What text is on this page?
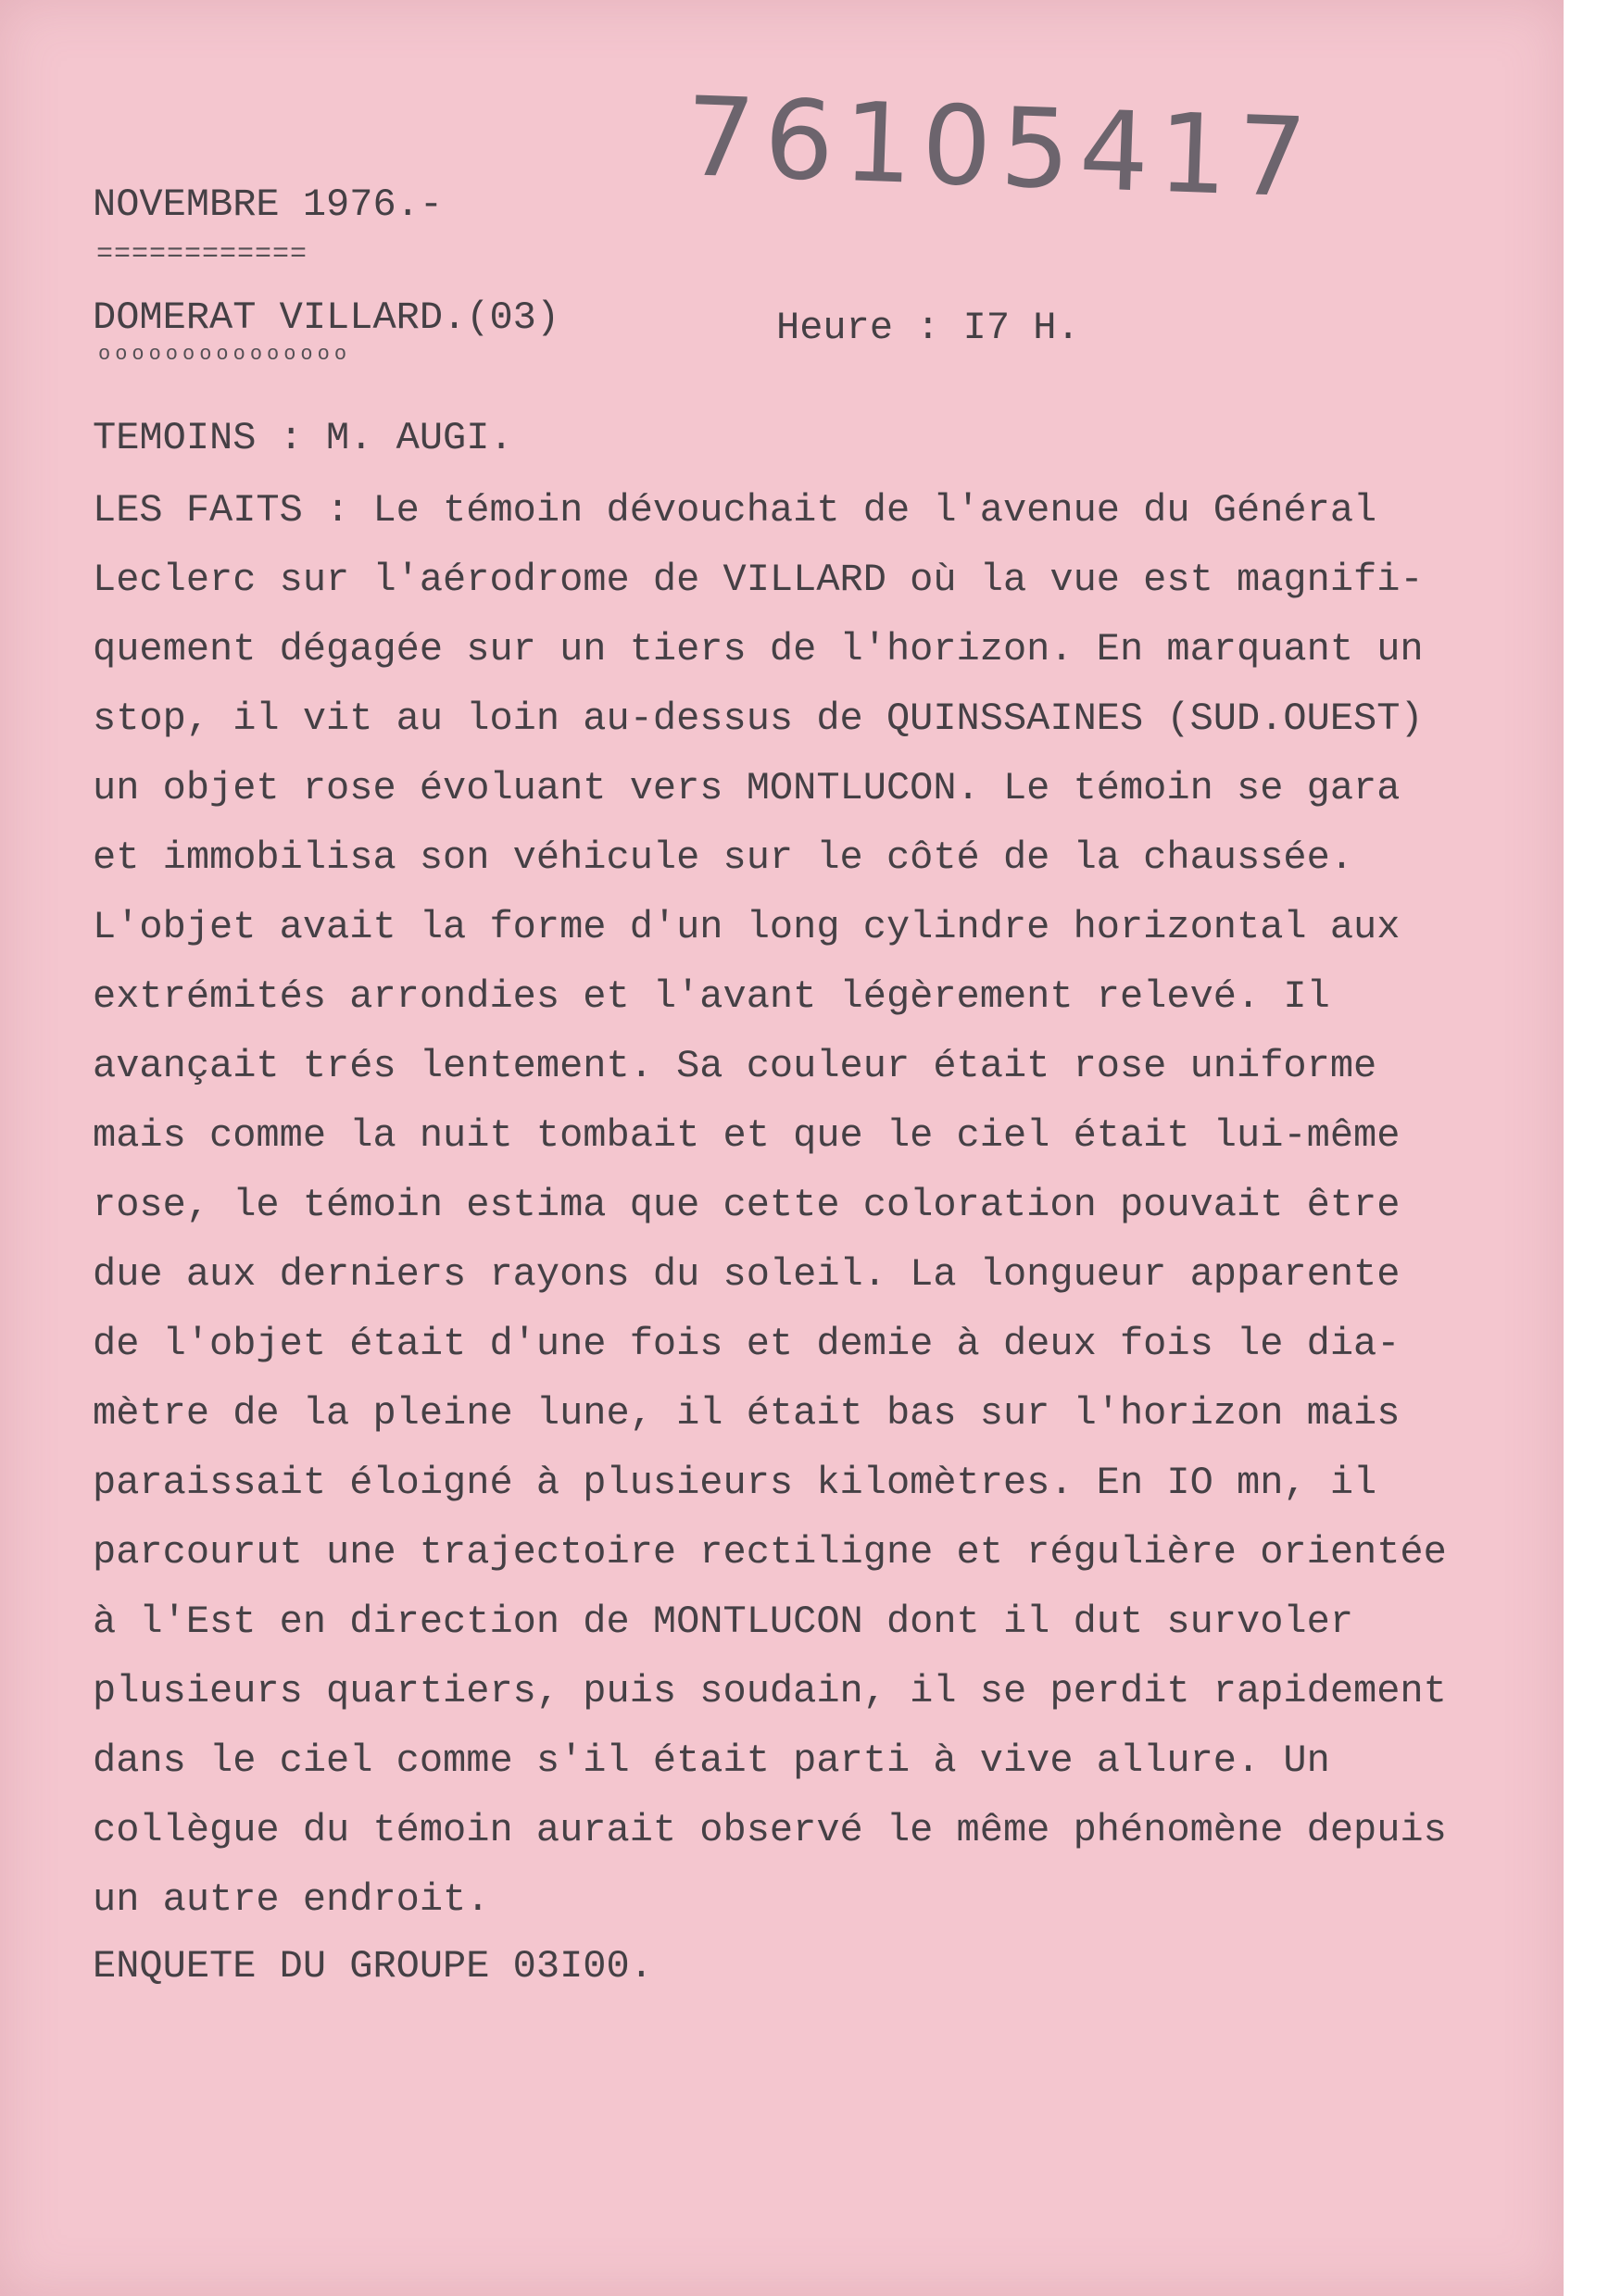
76105417
NOVEMBRE 1976.-
============
DOMERAT VILLARD.(03)
ooooooooooooooo
Heure : I7 H.
TEMOINS : M. AUGI.
LES FAITS : Le témoin dévouchait de l'avenue du Général
Leclerc sur l'aérodrome de VILLARD où la vue est magnifi-
quement dégagée sur un tiers de l'horizon. En marquant un
stop, il vit au loin au-dessus de QUINSSAINES (SUD.OUEST)
un objet rose évoluant vers MONTLUCON. Le témoin se gara
et immobilisa son véhicule sur le côté de la chaussée.
L'objet avait la forme d'un long cylindre horizontal aux
extrémités arrondies et l'avant légèrement relevé. Il
avançait trés lentement. Sa couleur était rose uniforme
mais comme la nuit tombait et que le ciel était lui-même
rose, le témoin estima que cette coloration pouvait être
due aux derniers rayons du soleil. La longueur apparente
de l'objet était d'une fois et demie à deux fois le dia-
mètre de la pleine lune, il était bas sur l'horizon mais
paraissait éloigné à plusieurs kilomètres. En IO mn, il
parcourut une trajectoire rectiligne et régulière orientée
à l'Est en direction de MONTLUCON dont il dut survoler
plusieurs quartiers, puis soudain, il se perdit rapidement
dans le ciel comme s'il était parti à vive allure. Un
collègue du témoin aurait observé le même phénomène depuis
un autre endroit.
ENQUETE DU GROUPE 03I00.
